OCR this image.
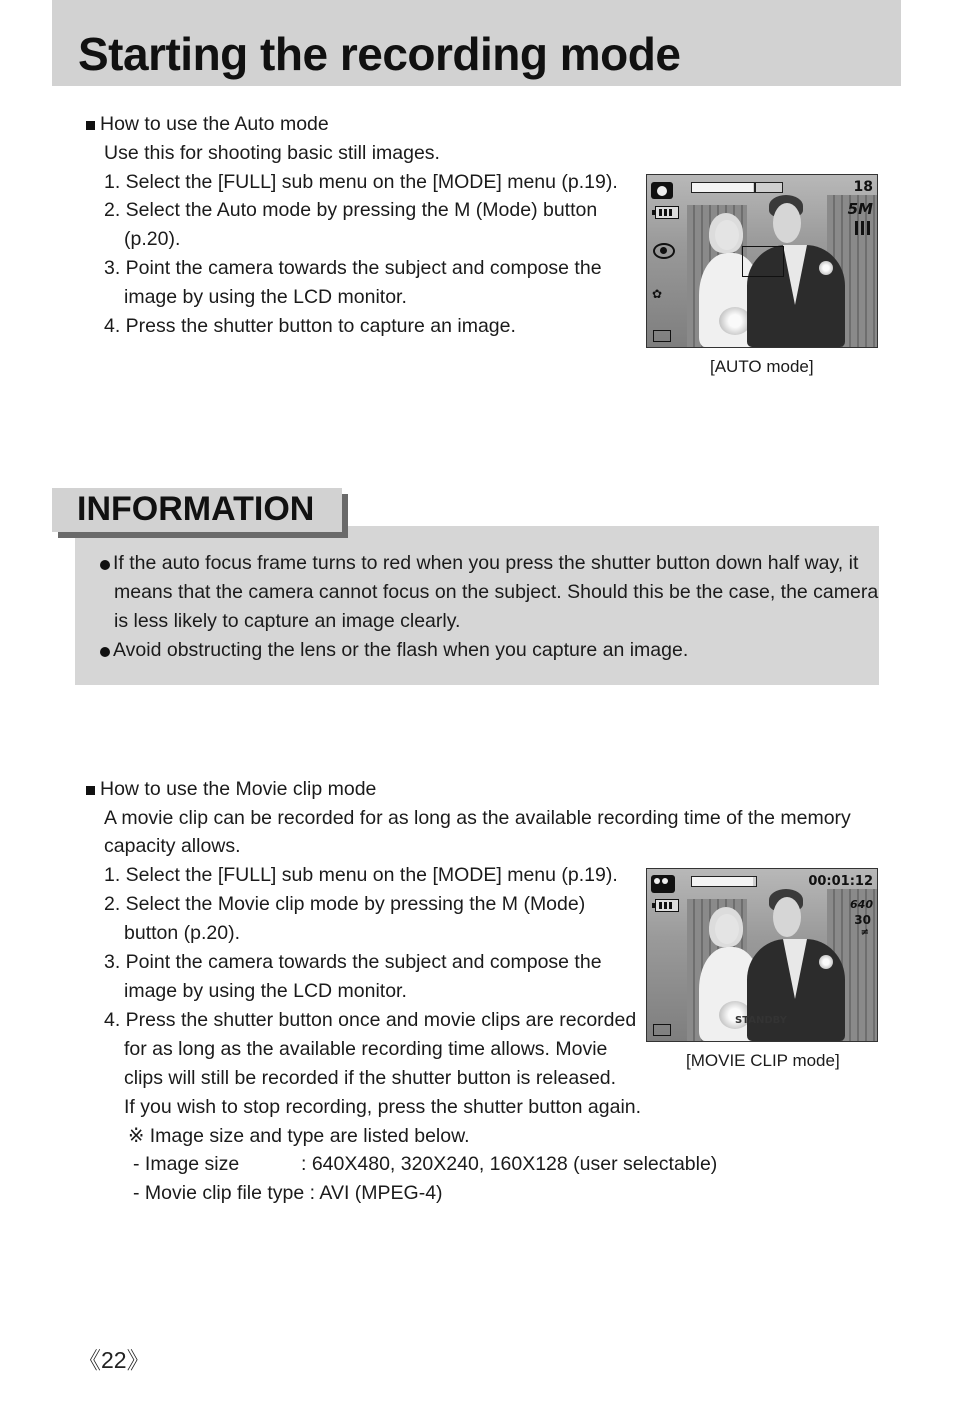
Starting the recording mode
How to use the Auto mode
Use this for shooting basic still images.
1. Select the [FULL] sub menu on the [MODE] menu (p.19).
2. Select the Auto mode by pressing the M (Mode) button
(p.20).
3. Point the camera towards the subject and compose the
image by using the LCD monitor.
4. Press the shutter button to capture an image.
18
5M
✿
[AUTO mode]
INFORMATION
If the auto focus frame turns to red when you press the shutter button down half way, it
means that the camera cannot focus on the subject. Should this be the case, the camera
is less likely to capture an image clearly.
Avoid obstructing the lens or the flash when you capture an image.
How to use the Movie clip mode
A movie clip can be recorded for as long as the available recording time of the memory
capacity allows.
1. Select the [FULL] sub menu on the [MODE] menu (p.19).
2. Select the Movie clip mode by pressing the M (Mode)
button (p.20).
3. Point the camera towards the subject and compose the
image by using the LCD monitor.
4. Press the shutter button once and movie clips are recorded
for as long as the available recording time allows. Movie
clips will still be recorded if the shutter button is released.
If you wish to stop recording, press the shutter button again.
※ Image size and type are listed below.
- Image size	: 640X480, 320X240, 160X128 (user selectable)
- Movie clip file type : AVI (MPEG-4)
00:01:12
640
30
≠
STANDBY
[MOVIE CLIP mode]
《22》
